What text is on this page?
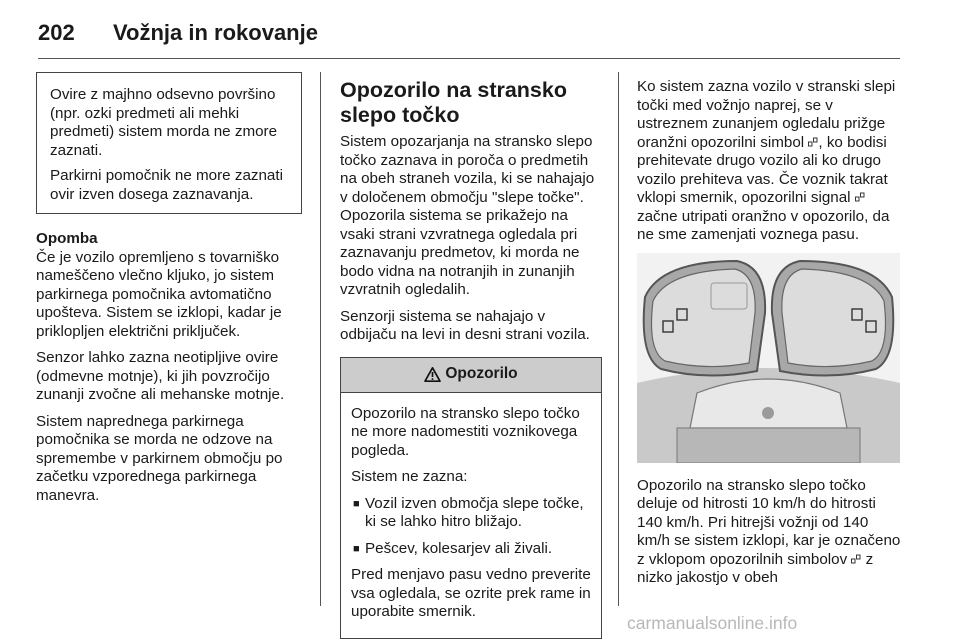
202 Vožnja in rokovanje

Ovire z majhno odsevno površino (npr. ozki predmeti ali mehki predmeti) sistem morda ne zmore zaznati.

Parkirni pomočnik ne more zaznati ovir izven dosega zaznavanja.

Opomba

Če je vozilo opremljeno s tovarniško nameščeno vlečno kljuko, jo sistem parkirnega pomočnika avtomatično upošteva. Sistem se izklopi, kadar je priklopljen električni priključek.

Senzor lahko zazna neotipljive ovire (odmevne motnje), ki jih povzročijo zunanji zvočne ali mehanske motnje.

Sistem naprednega parkirnega pomočnika se morda ne odzove na spremembe v parkirnem območju po začetku vzporednega parkirnega manevra.

Opozorilo na stransko slepo točko

Sistem opozarjanja na stransko slepo točko zaznava in poroča o predmetih na obeh straneh vozila, ki se nahajajo v določenem območju "slepe točke". Opozorila sistema se prikažejo na vsaki strani vzvratnega ogledala pri zaznavanju predmetov, ki morda ne bodo vidna na notranjih in zunanjih vzvratnih ogledalih.

Senzorji sistema se nahajajo v odbijaču na levi in desni strani vozila.

Opozorilo

Opozorilo na stransko slepo točko ne more nadomestiti voznikovega pogleda.

Sistem ne zazna:

■ Vozil izven območja slepe točke, ki se lahko hitro bližajo.
■ Pešcev, kolesarjev ali živali.

Pred menjavo pasu vedno preverite vsa ogledala, se ozrite prek rame in uporabite smernik.

Ko sistem zazna vozilo v stranski slepi točki med vožnjo naprej, se v ustreznem zunanjem ogledalu prižge oranžni opozorilni simbol , ko bodisi prehitevate drugo vozilo ali ko drugo vozilo prehiteva vas. Če voznik takrat vklopi smernik, opozorilni signal  začne utripati oranžno v opozorilo, da ne sme zamenjati voznega pasu.

Opozorilo na stransko slepo točko deluje od hitrosti 10 km/h do hitrosti 140 km/h. Pri hitrejši vožnji od 140 km/h se sistem izklopi, kar je označeno z vklopom opozorilnih simbolov z nizko jakostjo v obeh

carmanualsonline.info
